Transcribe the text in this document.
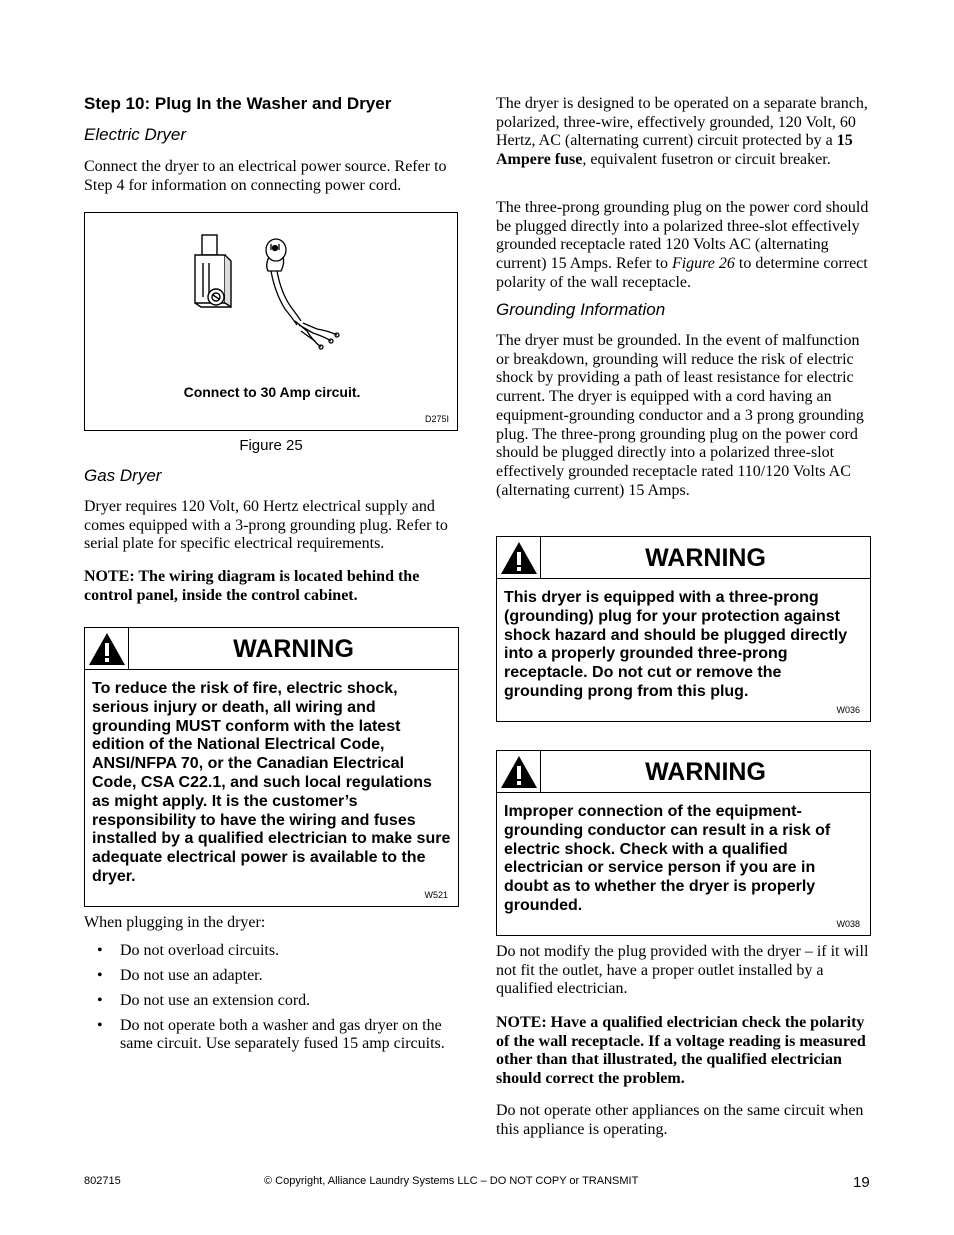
Step 10: Plug In the Washer and Dryer
Electric Dryer

Connect the dryer to an electrical power source. Refer to Step 4 for information on connecting power cord.

Connect to 30 Amp circuit.
D275I
Figure 25
Gas Dryer

Dryer requires 120 Volt, 60 Hertz electrical supply and comes equipped with a 3-prong grounding plug. Refer to serial plate for specific electrical requirements.

NOTE: The wiring diagram is located behind the control panel, inside the control cabinet.

WARNING
To reduce the risk of fire, electric shock, serious injury or death, all wiring and grounding MUST conform with the latest edition of the National Electrical Code, ANSI/NFPA 70, or the Canadian Electrical Code, CSA C22.1, and such local regulations as might apply. It is the customer’s responsibility to have the wiring and fuses installed by a qualified electrician to make sure adequate electrical power is available to the dryer.
W521

When plugging in the dryer:

• Do not overload circuits.
• Do not use an adapter.
• Do not use an extension cord.
• Do not operate both a washer and gas dryer on the same circuit. Use separately fused 15 amp circuits.

The dryer is designed to be operated on a separate branch, polarized, three-wire, effectively grounded, 120 Volt, 60 Hertz, AC (alternating current) circuit protected by a 15 Ampere fuse, equivalent fusetron or circuit breaker.

The three-prong grounding plug on the power cord should be plugged directly into a polarized three-slot effectively grounded receptacle rated 120 Volts AC (alternating current) 15 Amps. Refer to Figure 26 to determine correct polarity of the wall receptacle.

Grounding Information

The dryer must be grounded. In the event of malfunction or breakdown, grounding will reduce the risk of electric shock by providing a path of least resistance for electric current. The dryer is equipped with a cord having an equipment-grounding conductor and a 3 prong grounding plug. The three-prong grounding plug on the power cord should be plugged directly into a polarized three-slot effectively grounded receptacle rated 110/120 Volts AC (alternating current) 15 Amps.

WARNING
This dryer is equipped with a three-prong (grounding) plug for your protection against shock hazard and should be plugged directly into a properly grounded three-prong receptacle. Do not cut or remove the grounding prong from this plug.
W036
WARNING
Improper connection of the equipment-grounding conductor can result in a risk of electric shock. Check with a qualified electrician or service person if you are in doubt as to whether the dryer is properly grounded.
W038

Do not modify the plug provided with the dryer – if it will not fit the outlet, have a proper outlet installed by a qualified electrician.

NOTE: Have a qualified electrician check the polarity of the wall receptacle. If a voltage reading is measured other than that illustrated, the qualified electrician should correct the problem.

Do not operate other appliances on the same circuit when this appliance is operating.

802715	© Copyright, Alliance Laundry Systems LLC – DO NOT COPY or TRANSMIT	19
